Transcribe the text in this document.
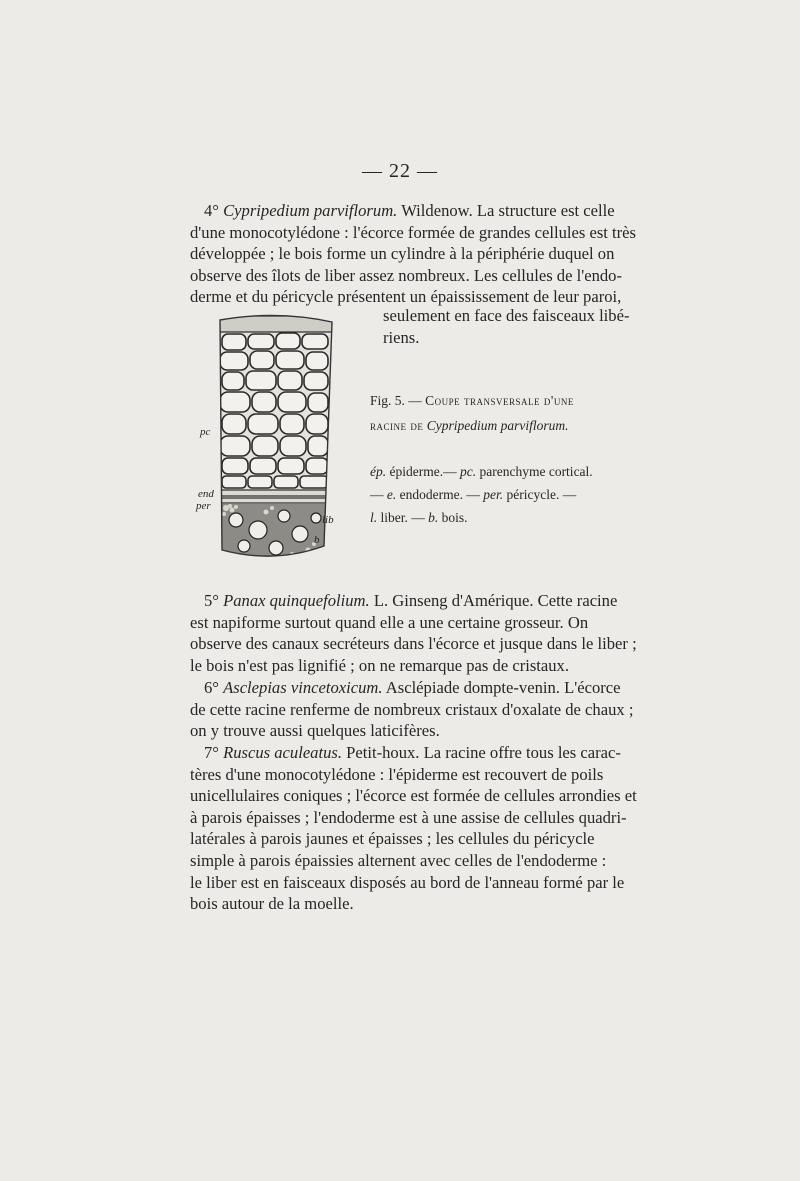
— 22 —
4° Cypripedium parviflorum. Wildenow. La structure est celle
d'une monocotylédone : l'écorce formée de grandes cellules est très
développée ; le bois forme un cylindre à la périphérie duquel on
observe des îlots de liber assez nombreux. Les cellules de l'endo-
derme et du péricycle présentent un épaississement de leur paroi,
seulement en face des faisceaux libé-
riens.
pc
end
per
lib
b
Fig. 5. — Coupe transversale d'une
racine de Cypripedium parviflorum.
ép. épiderme.— pc. parenchyme cortical.
— e. endoderme. — per. péricycle. —
l. liber. — b. bois.
5° Panax quinquefolium. L. Ginseng d'Amérique. Cette racine
est napiforme surtout quand elle a une certaine grosseur. On
observe des canaux secréteurs dans l'écorce et jusque dans le liber ;
le bois n'est pas lignifié ; on ne remarque pas de cristaux.
6° Asclepias vincetoxicum. Asclépiade dompte-venin. L'écorce
de cette racine renferme de nombreux cristaux d'oxalate de chaux ;
on y trouve aussi quelques laticifères.
7° Ruscus aculeatus. Petit-houx. La racine offre tous les carac-
tères d'une monocotylédone : l'épiderme est recouvert de poils
unicellulaires coniques ; l'écorce est formée de cellules arrondies et
à parois épaisses ; l'endoderme est à une assise de cellules quadri-
latérales à parois jaunes et épaisses ; les cellules du péricycle
simple à parois épaissies alternent avec celles de l'endoderme :
le liber est en faisceaux disposés au bord de l'anneau formé par le
bois autour de la moelle.
